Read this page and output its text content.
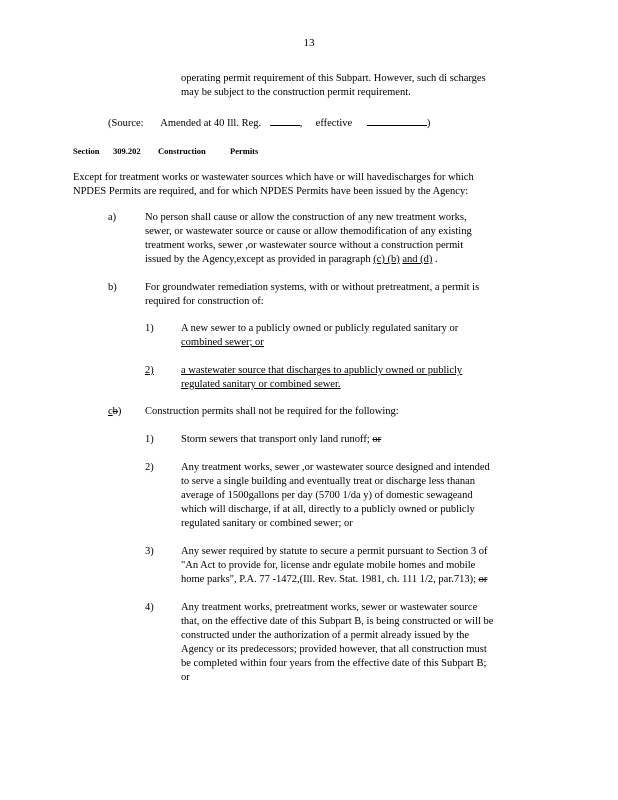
13
operating permit requirement of this Subpart. However, such di scharges
may be subject to the construction permit requirement.
(Source: Amended at 40 Ill. Reg.	, effective	)
Section 309.202 Construction	Permits
Except for treatment works or wastewater sources which have or will havedischarges for which
NPDES Permits are required, and for which NPDES Permits have been issued by the Agency:
a)	No person shall cause or allow the construction of any new treatment works,
sewer, or wastewater source or cause or allow themodification of any existing
treatment works, sewer ,or wastewater source without a construction permit
issued by the Agency,except as provided in paragraph (c) (b) and (d) .
b)	For groundwater remediation systems, with or without pretreatment, a permit is
required for construction of:
1)	A new sewer to a publicly owned or publicly regulated sanitary or
combined sewer; or
2)	a wastewater source that discharges to apublicly owned or publicly
regulated sanitary or combined sewer.
cb) Construction permits shall not be required for the following:
1)	Storm sewers that transport only land runoff; or
2)	Any treatment works, sewer ,or wastewater source designed and intended
to serve a single building and eventually treat or discharge less thanan
average of 1500gallons per day (5700 1/da y) of domestic sewageand
which will discharge, if at all, directly to a publicly owned or publicly
regulated sanitary or combined sewer; or
3)	Any sewer required by statute to secure a permit pursuant to Section 3 of
"An Act to provide for, license andr egulate mobile homes and mobile
home parks", P.A. 77 -1472,(Ill. Rev. Stat. 1981, ch. 111 1/2, par.713); or
4)	Any treatment works, pretreatment works, sewer or wastewater source
that, on the effective date of this Subpart B, is being constructed or will be
constructed under the authorization of a permit already issued by the
Agency or its predecessors; provided however, that all construction must
be completed within four years from the effective date of this Subpart B;
or
